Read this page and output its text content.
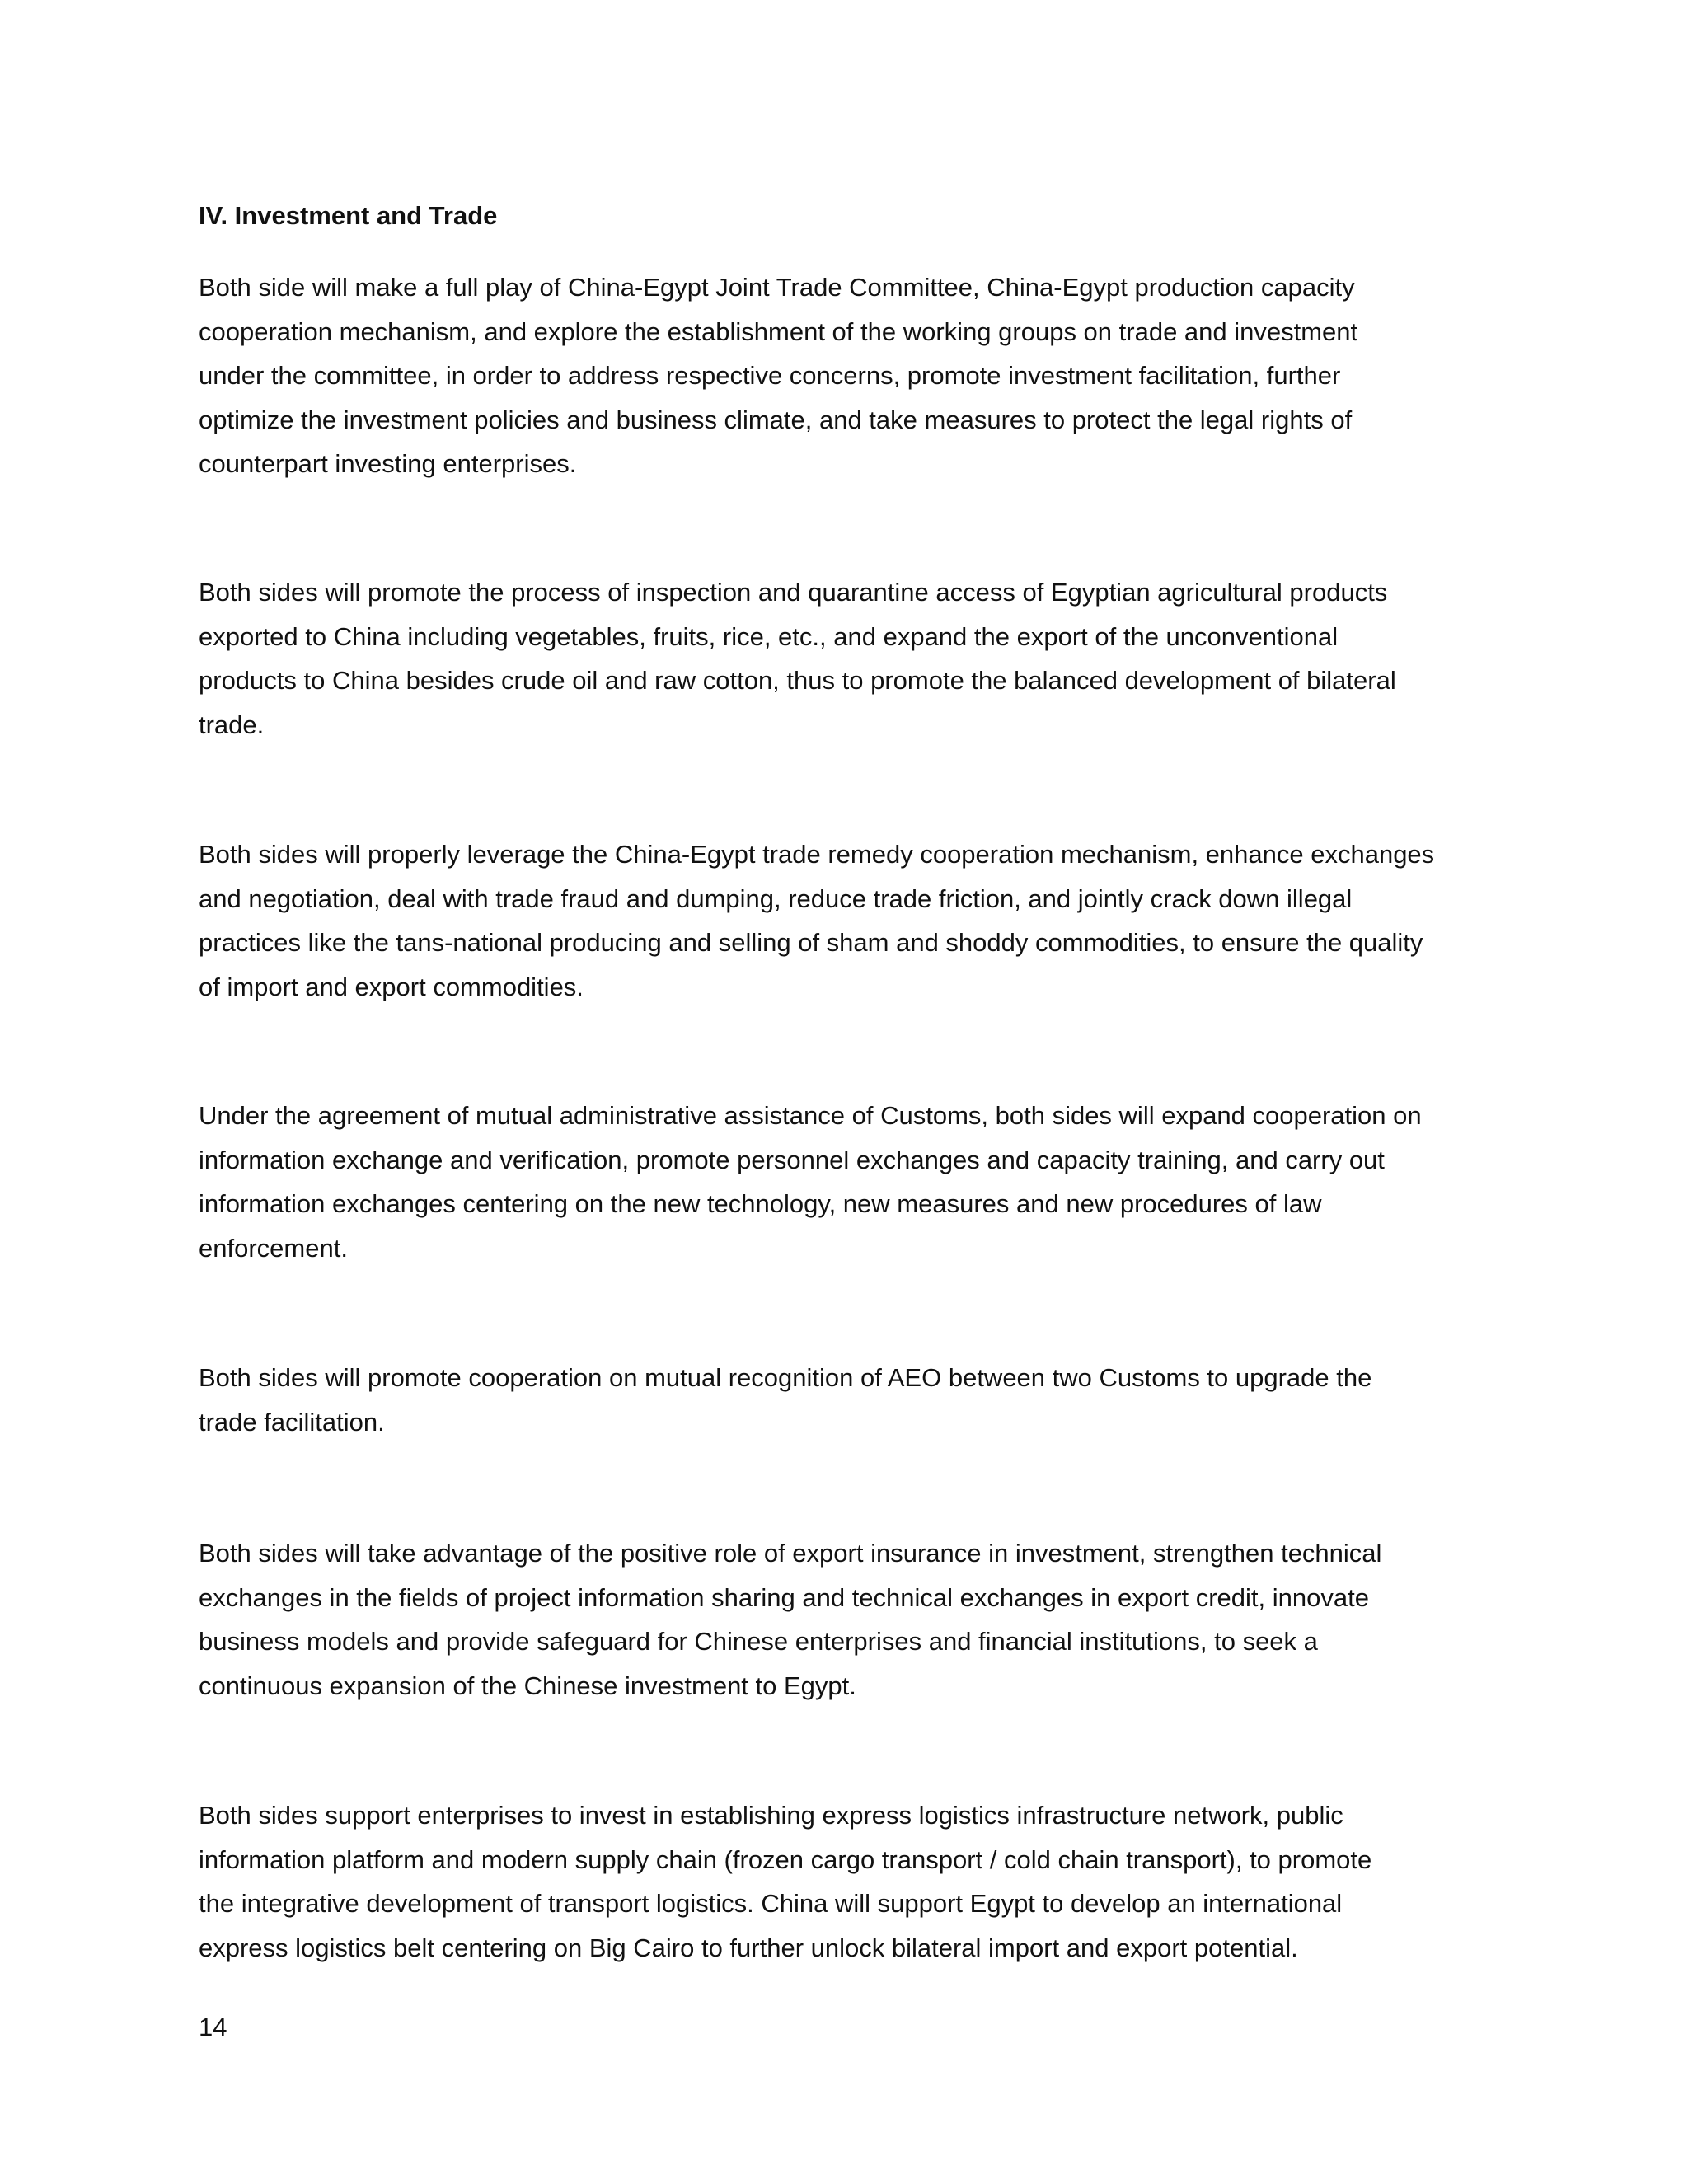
IV. Investment and Trade
Both side will make a full play of China-Egypt Joint Trade Committee, China-Egypt production capacity
cooperation mechanism, and explore the establishment of the working groups on trade and investment
under the committee, in order to address respective concerns, promote investment facilitation, further
optimize the investment policies and business climate, and take measures to protect the legal rights of
counterpart investing enterprises.
Both sides will promote the process of inspection and quarantine access of Egyptian agricultural products
exported to China including vegetables, fruits, rice, etc., and expand the export of the unconventional
products to China besides crude oil and raw cotton, thus to promote the balanced development of bilateral
trade.
Both sides will properly leverage the China-Egypt trade remedy cooperation mechanism, enhance exchanges
and negotiation, deal with trade fraud and dumping, reduce trade friction, and jointly crack down illegal
practices like the tans-national producing and selling of sham and shoddy commodities, to ensure the quality
of import and export commodities.
Under the agreement of mutual administrative assistance of Customs, both sides will expand cooperation on
information exchange and verification, promote personnel exchanges and capacity training, and carry out
information exchanges centering on the new technology, new measures and new procedures of law
enforcement.
Both sides will promote cooperation on mutual recognition of AEO between two Customs to upgrade the
trade facilitation.
Both sides will take advantage of the positive role of export insurance in investment, strengthen technical
exchanges in the fields of project information sharing and technical exchanges in export credit, innovate
business models and provide safeguard for Chinese enterprises and financial institutions, to seek a
continuous expansion of the Chinese investment to Egypt.
Both sides support enterprises to invest in establishing express logistics infrastructure network, public
information platform and modern supply chain (frozen cargo transport / cold chain transport), to promote
the integrative development of transport logistics. China will support Egypt to develop an international
express logistics belt centering on Big Cairo to further unlock bilateral import and export potential.

14
